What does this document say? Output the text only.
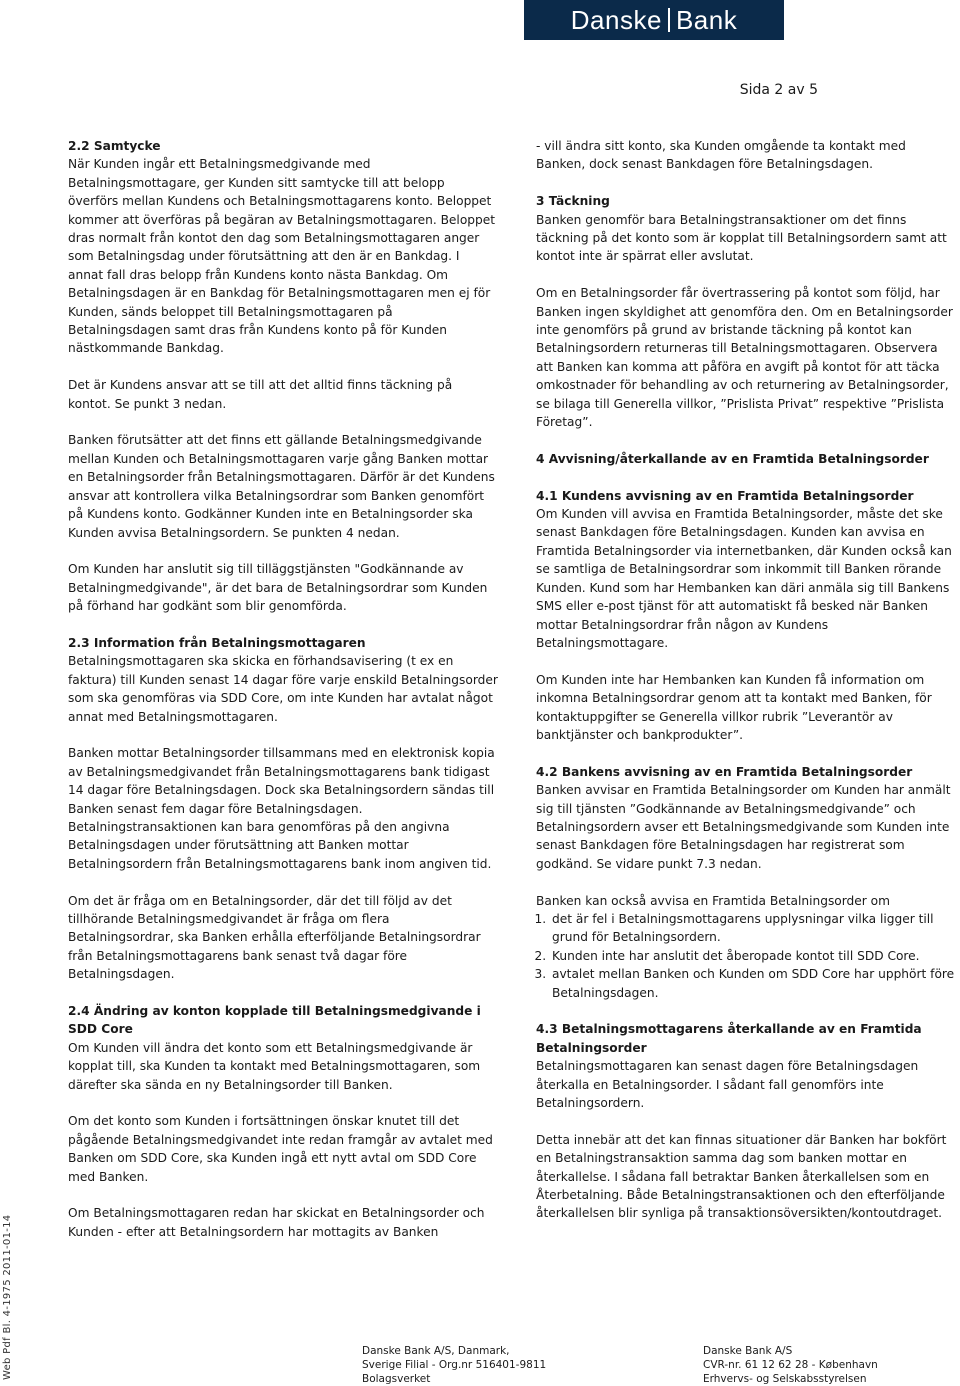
Danske Bank
Sida 2 av 5
2.2 Samtycke

När Kunden ingår ett Betalningsmedgivande med Betalningsmottagare, ger Kunden sitt samtycke till att belopp överförs mellan Kundens och Betalningsmottagarens konto. Beloppet kommer att överföras på begäran av Betalningsmottagaren. Beloppet dras normalt från kontot den dag som Betalningsmottagaren anger som Betalningsdag under förutsättning att den är en Bankdag. I annat fall dras belopp från Kundens konto nästa Bankdag. Om Betalningsdagen är en Bankdag för Betalningsmottagaren men ej för Kunden, sänds beloppet till Betalningsmottagaren på Betalningsdagen samt dras från Kundens konto på för Kunden nästkommande Bankdag.

Det är Kundens ansvar att se till att det alltid finns täckning på kontot. Se punkt 3 nedan.

Banken förutsätter att det finns ett gällande Betalningsmedgivande mellan Kunden och Betalningsmottagaren varje gång Banken mottar en Betalningsorder från Betalningsmottagaren. Därför är det Kundens ansvar att kontrollera vilka Betalningsordrar som Banken genomfört på Kundens konto. Godkänner Kunden inte en Betalningsorder ska Kunden avvisa Betalningsordern. Se punkten 4 nedan.

Om Kunden har anslutit sig till tilläggstjänsten "Godkännande av Betalningmedgivande", är det bara de Betalningsordrar som Kunden på förhand har godkänt som blir genomförda.

2.3 Information från Betalningsmottagaren

Betalningsmottagaren ska skicka en förhandsavisering (t ex en faktura) till Kunden senast 14 dagar före varje enskild Betalningsorder som ska genomföras via SDD Core, om inte Kunden har avtalat något annat med Betalningsmottagaren.

Banken mottar Betalningsorder tillsammans med en elektronisk kopia av Betalningsmedgivandet från Betalningsmottagarens bank tidigast 14 dagar före Betalningsdagen. Dock ska Betalningsordern sändas till Banken senast fem dagar före Betalningsdagen. Betalningstransaktionen kan bara genomföras på den angivna Betalningsdagen under förutsättning att Banken mottar Betalningsordern från Betalningsmottagarens bank inom angiven tid.

Om det är fråga om en Betalningsorder, där det till följd av det tillhörande Betalningsmedgivandet är fråga om flera Betalningsordrar, ska Banken erhålla efterföljande Betalningsordrar från Betalningsmottagarens bank senast två dagar före Betalningsdagen.

2.4 Ändring av konton kopplade till Betalningsmedgivande i SDD Core

Om Kunden vill ändra det konto som ett Betalningsmedgivande är kopplat till, ska Kunden ta kontakt med Betalningsmottagaren, som därefter ska sända en ny Betalningsorder till Banken.

Om det konto som Kunden i fortsättningen önskar knutet till det pågående Betalningsmedgivandet inte redan framgår av avtalet med Banken om SDD Core, ska Kunden ingå ett nytt avtal om SDD Core med Banken.

Om Betalningsmottagaren redan har skickat en Betalningsorder och Kunden - efter att Betalningsordern har mottagits av Banken

- vill ändra sitt konto, ska Kunden omgående ta kontakt med Banken, dock senast Bankdagen före Betalningsdagen.

3 Täckning

Banken genomför bara Betalningstransaktioner om det finns täckning på det konto som är kopplat till Betalningsordern samt att kontot inte är spärrat eller avslutat.

Om en Betalningsorder får övertrassering på kontot som följd, har Banken ingen skyldighet att genomföra den. Om en Betalningsorder inte genomförs på grund av bristande täckning på kontot kan Betalningsordern returneras till Betalningsmottagaren. Observera att Banken kan komma att påföra en avgift på kontot för att täcka omkostnader för behandling av och returnering av Betalningsorder, se bilaga till Generella villkor, ”Prislista Privat” respektive ”Prislista Företag”.

4 Avvisning/återkallande av en Framtida Betalningsorder
4.1 Kundens avvisning av en Framtida Betalningsorder

Om Kunden vill avvisa en Framtida Betalningsorder, måste det ske senast Bankdagen före Betalningsdagen. Kunden kan avvisa en Framtida Betalningsorder via internetbanken, där Kunden också kan se samtliga de Betalningsordrar som inkommit till Banken rörande Kunden. Kund som har Hembanken kan däri anmäla sig till Bankens SMS eller e-post tjänst för att automatiskt få besked när Banken mottar Betalningsordrar från någon av Kundens Betalningsmottagare.

Om Kunden inte har Hembanken kan Kunden få information om inkomna Betalningsordrar genom att ta kontakt med Banken, för kontaktuppgifter se Generella villkor rubrik ”Leverantör av banktjänster och bankprodukter”.

4.2 Bankens avvisning av en Framtida Betalningsorder

Banken avvisar en Framtida Betalningsorder om Kunden har anmält sig till tjänsten ”Godkännande av Betalningsmedgivande” och Betalningsordern avser ett Betalningsmedgivande som Kunden inte senast Bankdagen före Betalningsdagen har registrerat som godkänd. Se vidare punkt 7.3 nedan.

Banken kan också avvisa en Framtida Betalningsorder om

1. det är fel i Betalningsmottagarens upplysningar vilka ligger till grund för Betalningsordern.
2. Kunden inte har anslutit det åberopade kontot till SDD Core.
3. avtalet mellan Banken och Kunden om SDD Core har upphört före Betalningsdagen.
4.3 Betalningsmottagarens återkallande av en Framtida Betalningsorder

Betalningsmottagaren kan senast dagen före Betalningsdagen återkalla en Betalningsorder. I sådant fall genomförs inte Betalningsordern.

Detta innebär att det kan finnas situationer där Banken har bokfört en Betalningstransaktion samma dag som banken mottar en återkallelse. I sådana fall betraktar Banken återkallelsen som en Återbetalning. Både Betalningstransaktionen och den efterföljande återkallelsen blir synliga på transaktionsöversikten/kontoutdraget.

Web Pdf Bl. 4-1975 2011-01-14	Danske Bank A/S, Danmark,
Sverige Filial - Org.nr 516401-9811
Bolagsverket
Danske Bank A/S
CVR-nr. 61 12 62 28 - København
Erhvervs- og Selskabsstyrelsen
